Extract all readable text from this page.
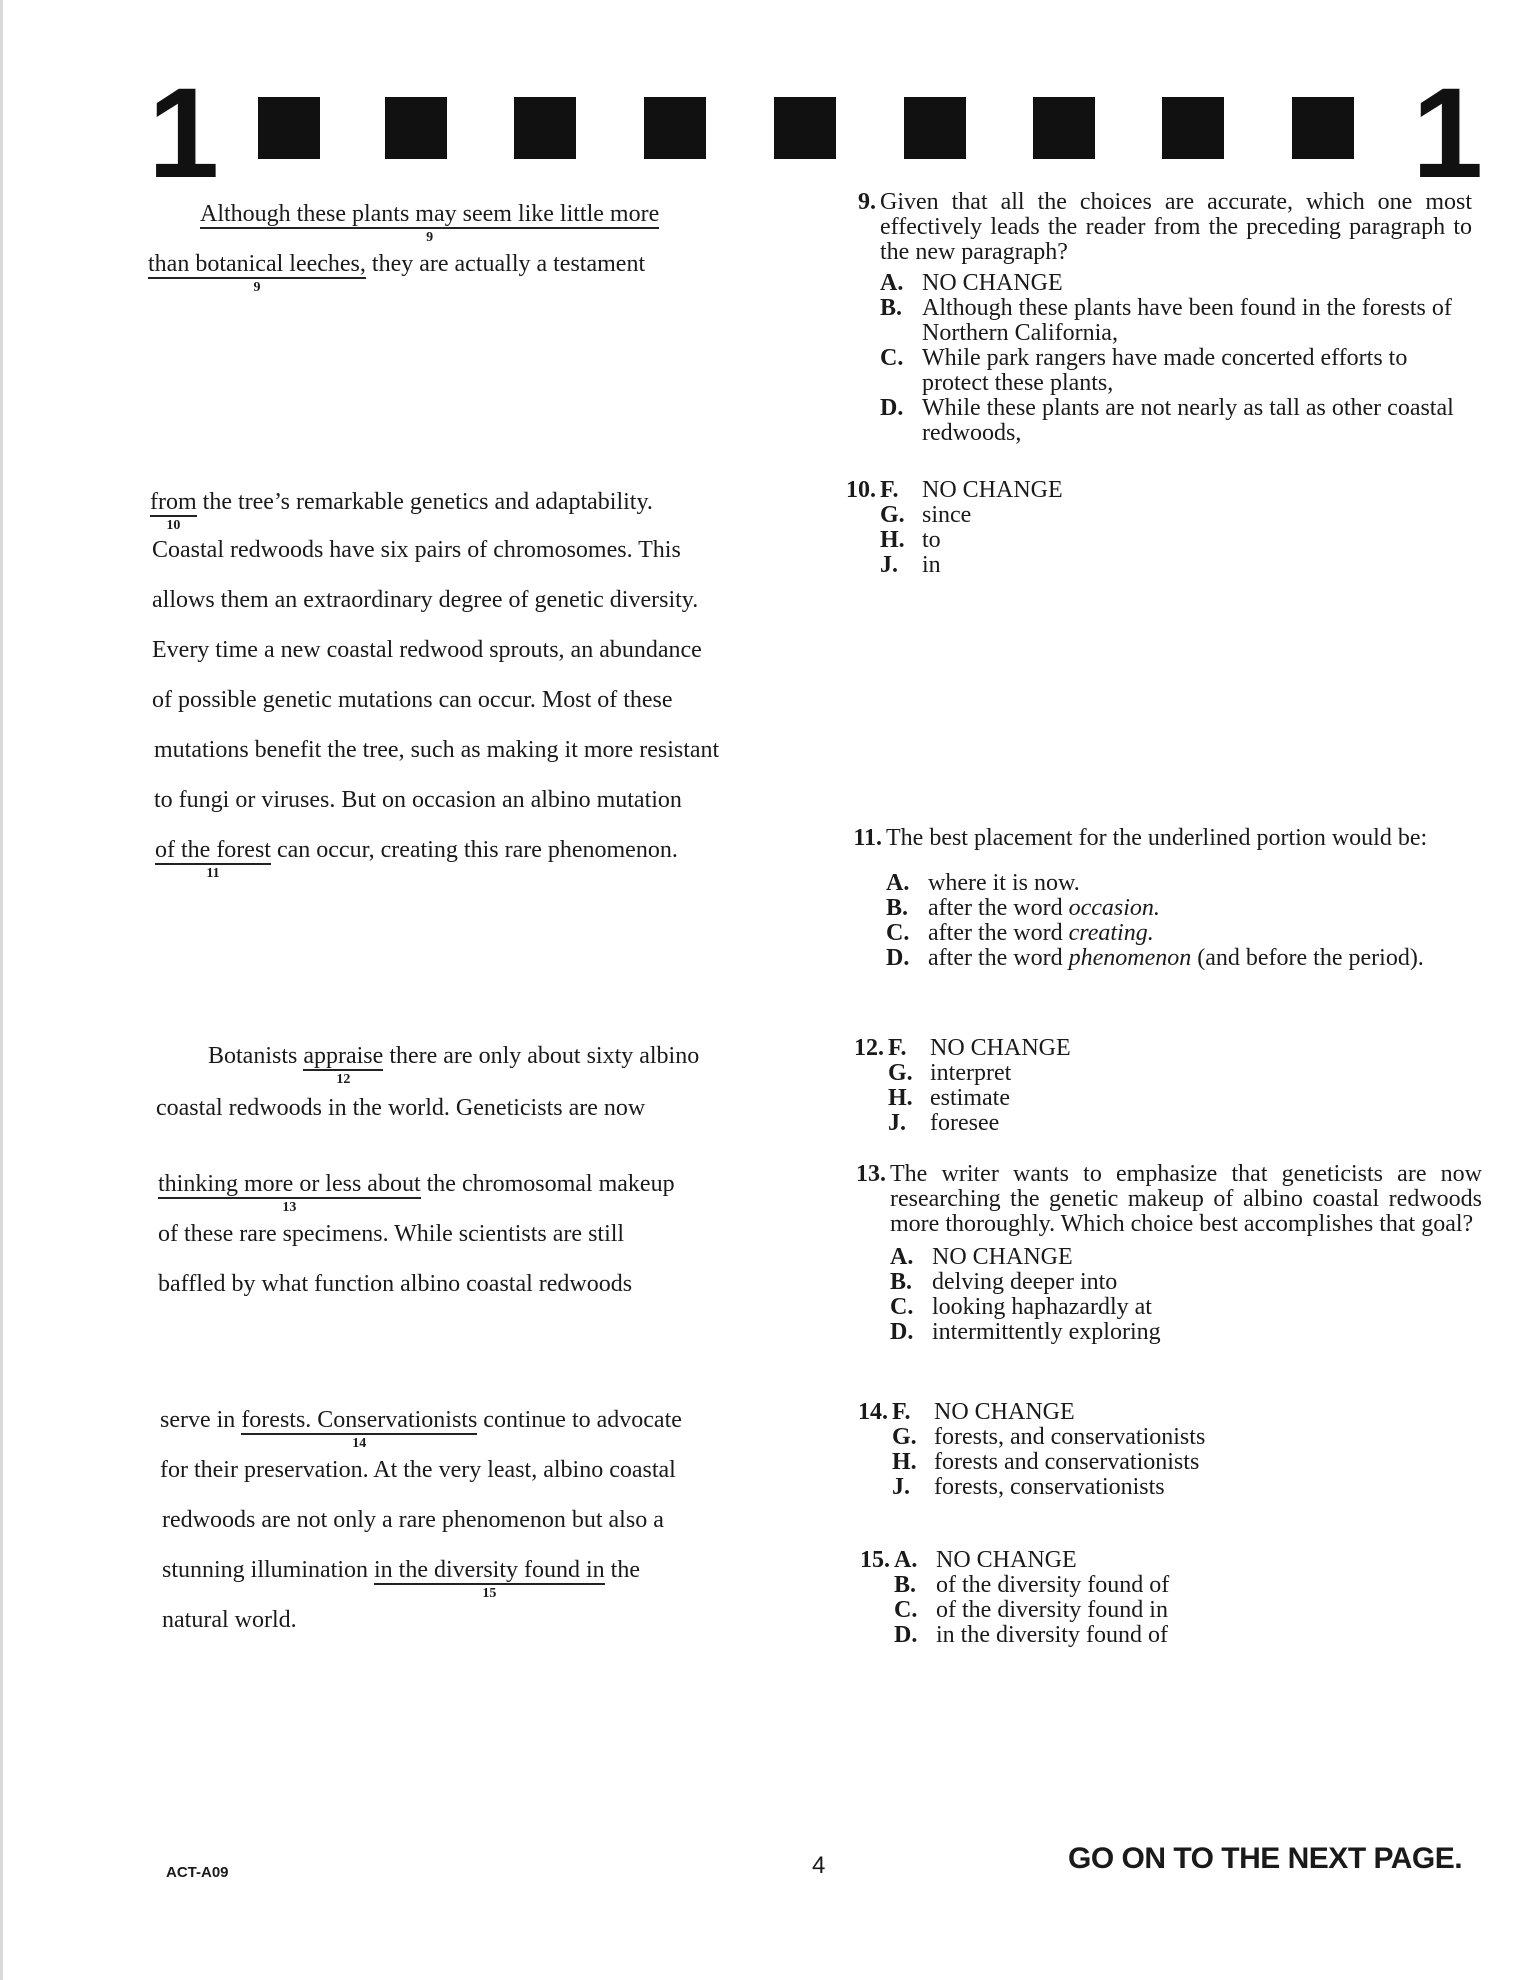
1	1
Although these plants may seem like little more
9
than botanical leeches,
9
they are actually a testament
from
10
the tree’s remarkable genetics and adaptability.
Coastal redwoods have six pairs of chromosomes. This
allows them an extraordinary degree of genetic diversity.
Every time a new coastal redwood sprouts, an abundance
of possible genetic mutations can occur. Most of these
mutations benefit the tree, such as making it more resistant
to fungi or viruses. But on occasion an albino mutation
of the forest
11
can occur, creating this rare phenomenon.
Botanists appraise
12
there are only about sixty albino
coastal redwoods in the world. Geneticists are now
thinking more or less about
13
the chromosomal makeup
of these rare specimens. While scientists are still
baffled by what function albino coastal redwoods
serve in forests. Conservationists
14
continue to advocate
for their preservation. At the very least, albino coastal
redwoods are not only a rare phenomenon but also a
stunning illumination in the diversity found in
15
the
natural world.
9. Given that all the choices are accurate, which one most effectively leads the reader from the preceding paragraph to the new paragraph?
A. NO CHANGE
B. Although these plants have been found in the forests of Northern California,
C. While park rangers have made concerted efforts to protect these plants,
D. While these plants are not nearly as tall as other coastal redwoods,
10. F. NO CHANGE
G. since
H. to
J. in
11. The best placement for the underlined portion would be:
A. where it is now.
B. after the word occasion.
C. after the word creating.
D. after the word phenomenon (and before the period).
12. F. NO CHANGE
G. interpret
H. estimate
J. foresee
13. The writer wants to emphasize that geneticists are now researching the genetic makeup of albino coastal redwoods more thoroughly. Which choice best accomplishes that goal?
A. NO CHANGE
B. delving deeper into
C. looking haphazardly at
D. intermittently exploring
14. F. NO CHANGE
G. forests, and conservationists
H. forests and conservationists
J. forests, conservationists
15. A. NO CHANGE
B. of the diversity found of
C. of the diversity found in
D. in the diversity found of
ACT-A09	4	GO ON TO THE NEXT PAGE.
